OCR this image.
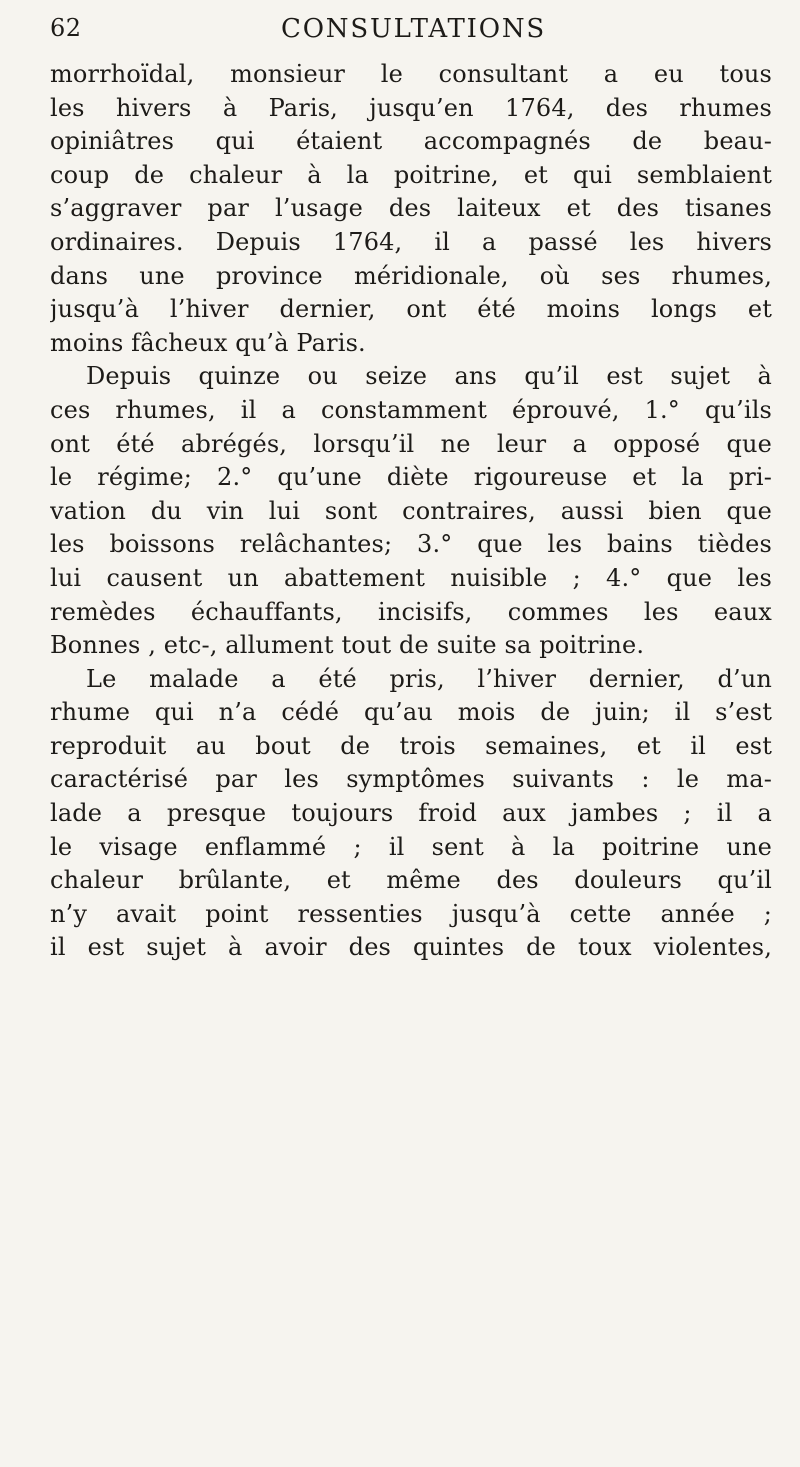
62	CONSULTATIONS
morrhoïdal, monsieur le consultant a eu tous
les hivers à Paris, jusqu’en 1764, des rhumes
opiniâtres qui étaient accompagnés de beau-
coup de chaleur à la poitrine, et qui semblaient
s’aggraver par l’usage des laiteux et des tisanes
ordinaires. Depuis 1764, il a passé les hivers
dans une province méridionale, où ses rhumes,
jusqu’à l’hiver dernier, ont été moins longs et
moins fâcheux qu’à Paris.
Depuis quinze ou seize ans qu’il est sujet à
ces rhumes, il a constamment éprouvé, 1.° qu’ils
ont été abrégés, lorsqu’il ne leur a opposé que
le régime; 2.° qu’une diète rigoureuse et la pri-
vation du vin lui sont contraires, aussi bien que
les boissons relâchantes; 3.° que les bains tièdes
lui causent un abattement nuisible ; 4.° que les
remèdes échauffants, incisifs, commes les eaux
Bonnes , etc-, allument tout de suite sa poitrine.
Le malade a été pris, l’hiver dernier, d’un
rhume qui n’a cédé qu’au mois de juin; il s’est
reproduit au bout de trois semaines, et il est
caractérisé par les symptômes suivants : le ma-
lade a presque toujours froid aux jambes ; il a
le visage enflammé ; il sent à la poitrine une
chaleur brûlante, et même des douleurs qu’il
n’y avait point ressenties jusqu’à cette année ;
il est sujet à avoir des quintes de toux violentes,
